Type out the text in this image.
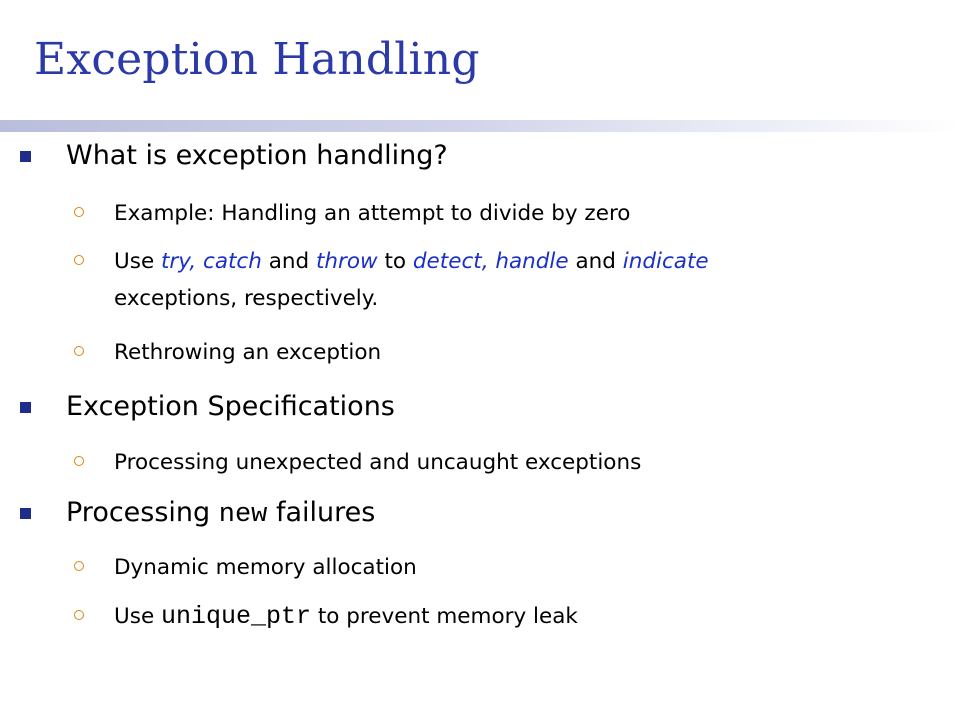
Exception Handling
What is exception handling?
Example: Handling an attempt to divide by zero
Use try, catch and throw to detect, handle and indicate
exceptions, respectively.
Rethrowing an exception
Exception Specifications
Processing unexpected and uncaught exceptions
Processing new failures
Dynamic memory allocation
Use unique_ptr to prevent memory leak
